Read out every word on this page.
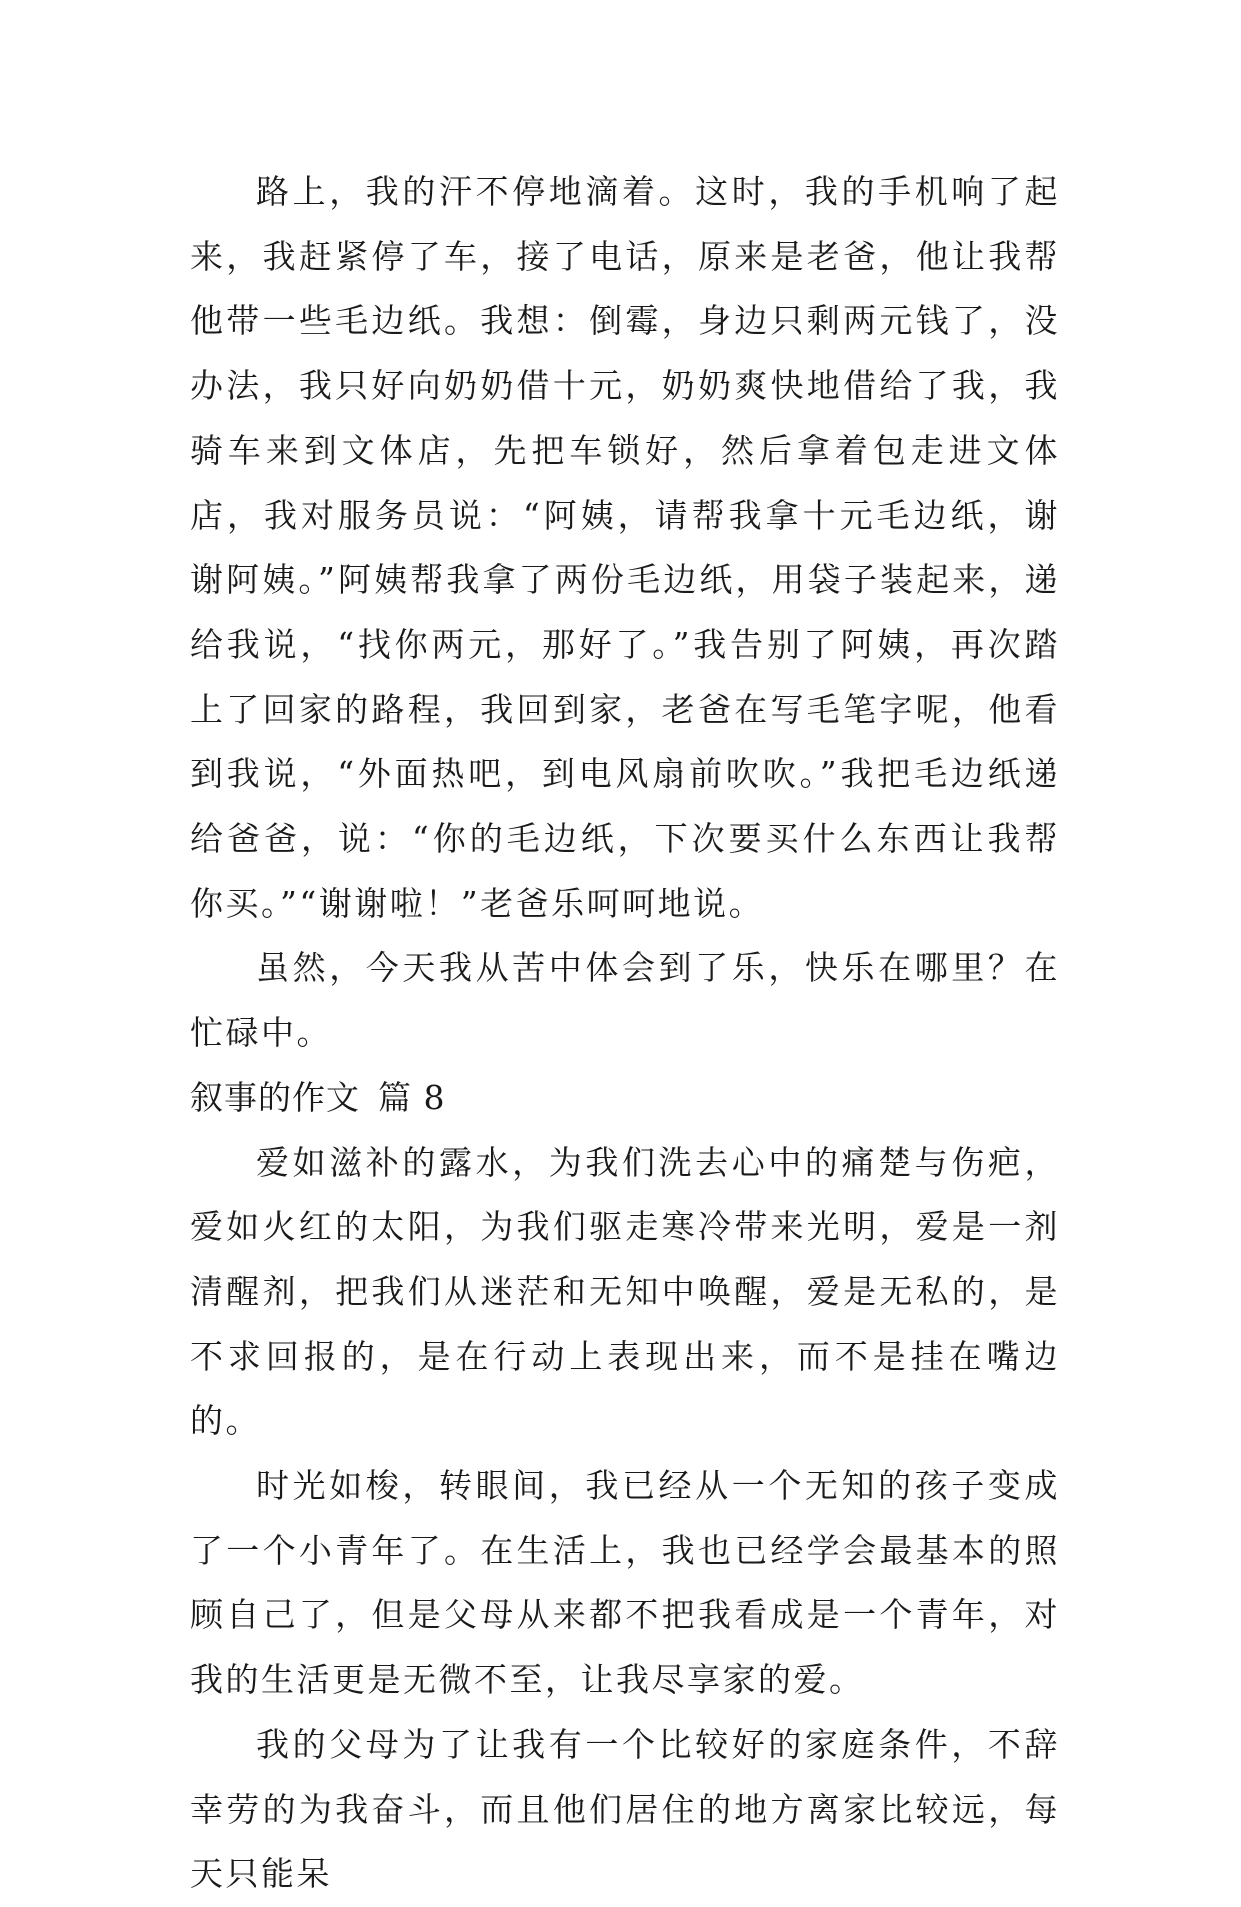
路上，我的汗不停地滴着。这时，我的手机响了起来，我赶紧停了车，接了电话，原来是老爸，他让我帮他带一些毛边纸。我想：倒霉，身边只剩两元钱了，没办法，我只好向奶奶借十元，奶奶爽快地借给了我，我骑车来到文体店，先把车锁好，然后拿着包走进文体店，我对服务员说：“阿姨，请帮我拿十元毛边纸，谢谢阿姨。”阿姨帮我拿了两份毛边纸，用袋子装起来，递给我说，“找你两元，那好了。”我告别了阿姨，再次踏上了回家的路程，我回到家，老爸在写毛笔字呢，他看到我说，“外面热吧，到电风扇前吹吹。”我把毛边纸递给爸爸，说：“你的毛边纸，下次要买什么东西让我帮你买。”“谢谢啦！”老爸乐呵呵地说。

虽然，今天我从苦中体会到了乐，快乐在哪里？在忙碌中。

叙事的作文 篇 8

爱如滋补的露水，为我们洗去心中的痛楚与伤疤，爱如火红的太阳，为我们驱走寒冷带来光明，爱是一剂清醒剂，把我们从迷茫和无知中唤醒，爱是无私的，是不求回报的，是在行动上表现出来，而不是挂在嘴边的。

时光如梭，转眼间，我已经从一个无知的孩子变成了一个小青年了。在生活上，我也已经学会最基本的照顾自己了，但是父母从来都不把我看成是一个青年，对我的生活更是无微不至，让我尽享家的爱。

我的父母为了让我有一个比较好的家庭条件，不辞幸劳的为我奋斗，而且他们居住的地方离家比较远，每天只能呆
